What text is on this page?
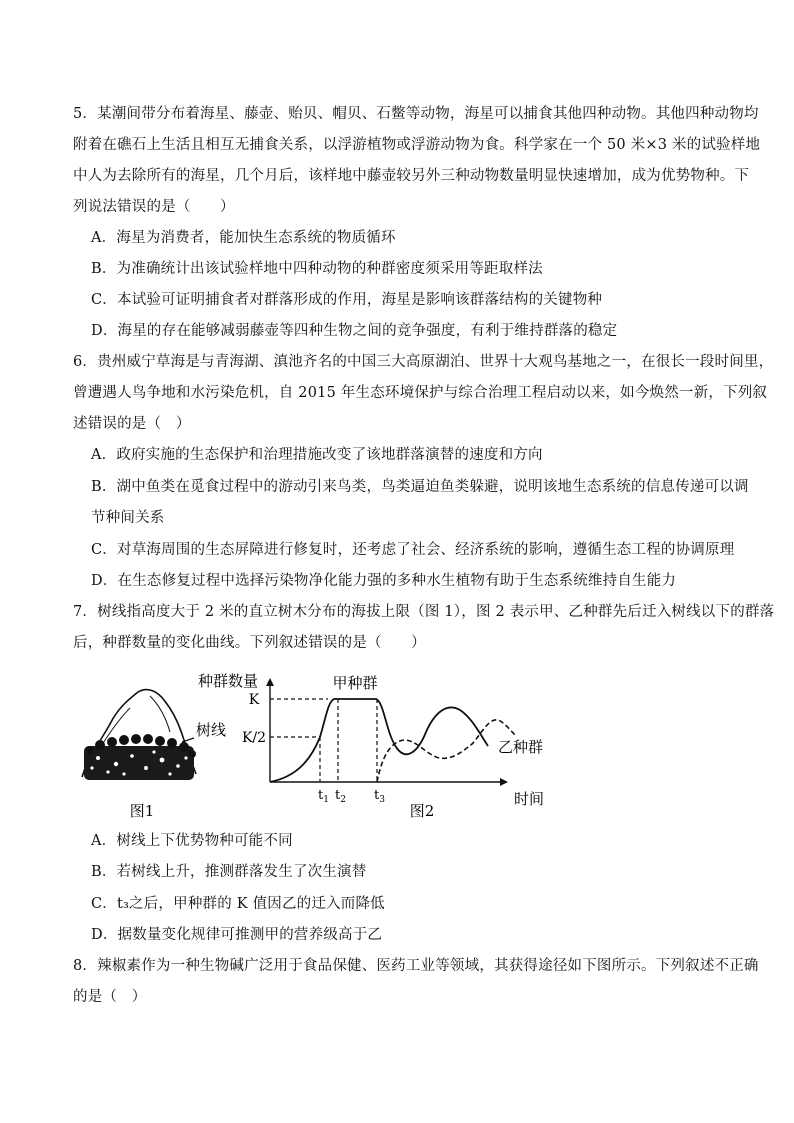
5．某潮间带分布着海星、藤壶、贻贝、帽贝、石鳖等动物，海星可以捕食其他四种动物。其他四种动物均
附着在礁石上生活且相互无捕食关系，以浮游植物或浮游动物为食。科学家在一个 50 米×3 米的试验样地
中人为去除所有的海星，几个月后，该样地中藤壶较另外三种动物数量明显快速增加，成为优势物种。下
列说法错误的是（　　）
A．海星为消费者，能加快生态系统的物质循环
B．为准确统计出该试验样地中四种动物的种群密度须采用等距取样法
C．本试验可证明捕食者对群落形成的作用，海星是影响该群落结构的关键物种
D．海星的存在能够减弱藤壶等四种生物之间的竞争强度，有利于维持群落的稳定
6．贵州威宁草海是与青海湖、滇池齐名的中国三大高原湖泊、世界十大观鸟基地之一，在很长一段时间里，
曾遭遇人鸟争地和水污染危机，自 2015 年生态环境保护与综合治理工程启动以来，如今焕然一新，下列叙
述错误的是（　）
A．政府实施的生态保护和治理措施改变了该地群落演替的速度和方向
B．湖中鱼类在觅食过程中的游动引来鸟类，鸟类逼迫鱼类躲避，说明该地生态系统的信息传递可以调
节种间关系
C．对草海周围的生态屏障进行修复时，还考虑了社会、经济系统的影响，遵循生态工程的协调原理
D．在生态修复过程中选择污染物净化能力强的多种水生植物有助于生态系统维持自生能力
7．树线指高度大于 2 米的直立树木分布的海拔上限（图 1），图 2 表示甲、乙种群先后迁入树线以下的群落
后，种群数量的变化曲线。下列叙述错误的是（　　）
树线
图1
种群数量
时间
K
K/2
甲种群
乙种群
$t_1$ $t_2$ $t_3$
图2
A．树线上下优势物种可能不同
B．若树线上升，推测群落发生了次生演替
C．t₃之后，甲种群的 K 值因乙的迁入而降低
D．据数量变化规律可推测甲的营养级高于乙
8．辣椒素作为一种生物碱广泛用于食品保健、医药工业等领域，其获得途径如下图所示。下列叙述不正确
的是（　）
